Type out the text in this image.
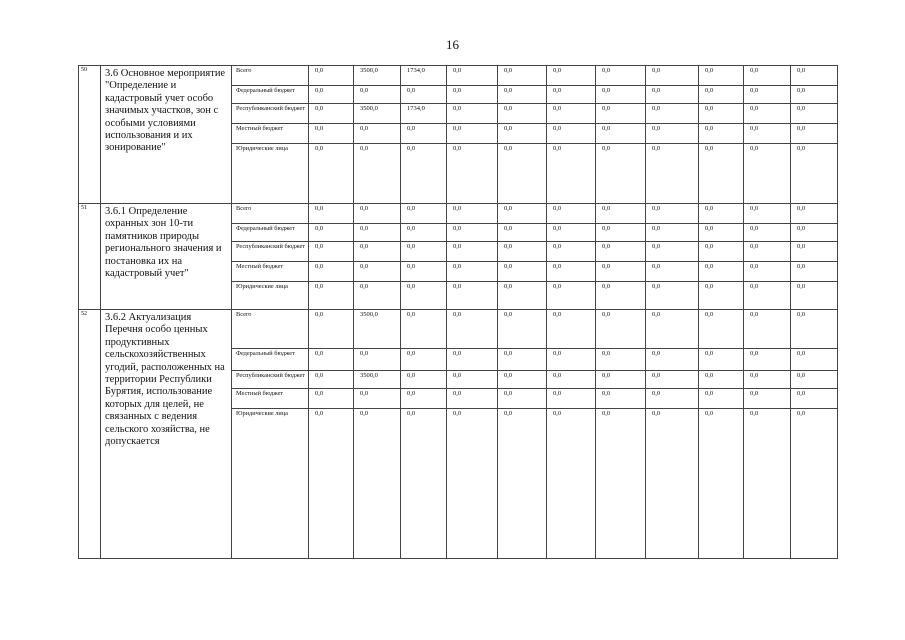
16
50	3.6 Основное мероприятие "Определение и кадастровый учет особо значимых участков, зон с особыми условиями использования и их зонирование"	Всего	0,0	3500,0	1734,0	0,0	0,0	0,0	0,0	0,0	0,0	0,0	0,0
		Федеральный бюджет	0,0	0,0	0,0	0,0	0,0	0,0	0,0	0,0	0,0	0,0	0,0
		Республиканский бюджет	0,0	3500,0	1734,0	0,0	0,0	0,0	0,0	0,0	0,0	0,0	0,0
		Местный бюджет	0,0	0,0	0,0	0,0	0,0	0,0	0,0	0,0	0,0	0,0	0,0
		Юридические лица	0,0	0,0	0,0	0,0	0,0	0,0	0,0	0,0	0,0	0,0	0,0
51	3.6.1 Определение охранных зон 10-ти памятников природы регионального значения и постановка их на кадастровый учет"	Всего	0,0	0,0	0,0	0,0	0,0	0,0	0,0	0,0	0,0	0,0	0,0
		Федеральный бюджет	0,0	0,0	0,0	0,0	0,0	0,0	0,0	0,0	0,0	0,0	0,0
		Республиканский бюджет	0,0	0,0	0,0	0,0	0,0	0,0	0,0	0,0	0,0	0,0	0,0
		Местный бюджет	0,0	0,0	0,0	0,0	0,0	0,0	0,0	0,0	0,0	0,0	0,0
		Юридические лица	0,0	0,0	0,0	0,0	0,0	0,0	0,0	0,0	0,0	0,0	0,0
52	3.6.2 Актуализация Перечня особо ценных продуктивных сельскохозяйственных угодий, расположенных на территории Республики Бурятия, использование которых для целей, не связанных с ведения сельского хозяйства, не допускается	Всего	0,0	3500,0	0,0	0,0	0,0	0,0	0,0	0,0	0,0	0,0	0,0
		Федеральный бюджет	0,0	0,0	0,0	0,0	0,0	0,0	0,0	0,0	0,0	0,0	0,0
		Республиканский бюджет	0,0	3500,0	0,0	0,0	0,0	0,0	0,0	0,0	0,0	0,0	0,0
		Местный бюджет	0,0	0,0	0,0	0,0	0,0	0,0	0,0	0,0	0,0	0,0	0,0
		Юридические лица	0,0	0,0	0,0	0,0	0,0	0,0	0,0	0,0	0,0	0,0	0,0
